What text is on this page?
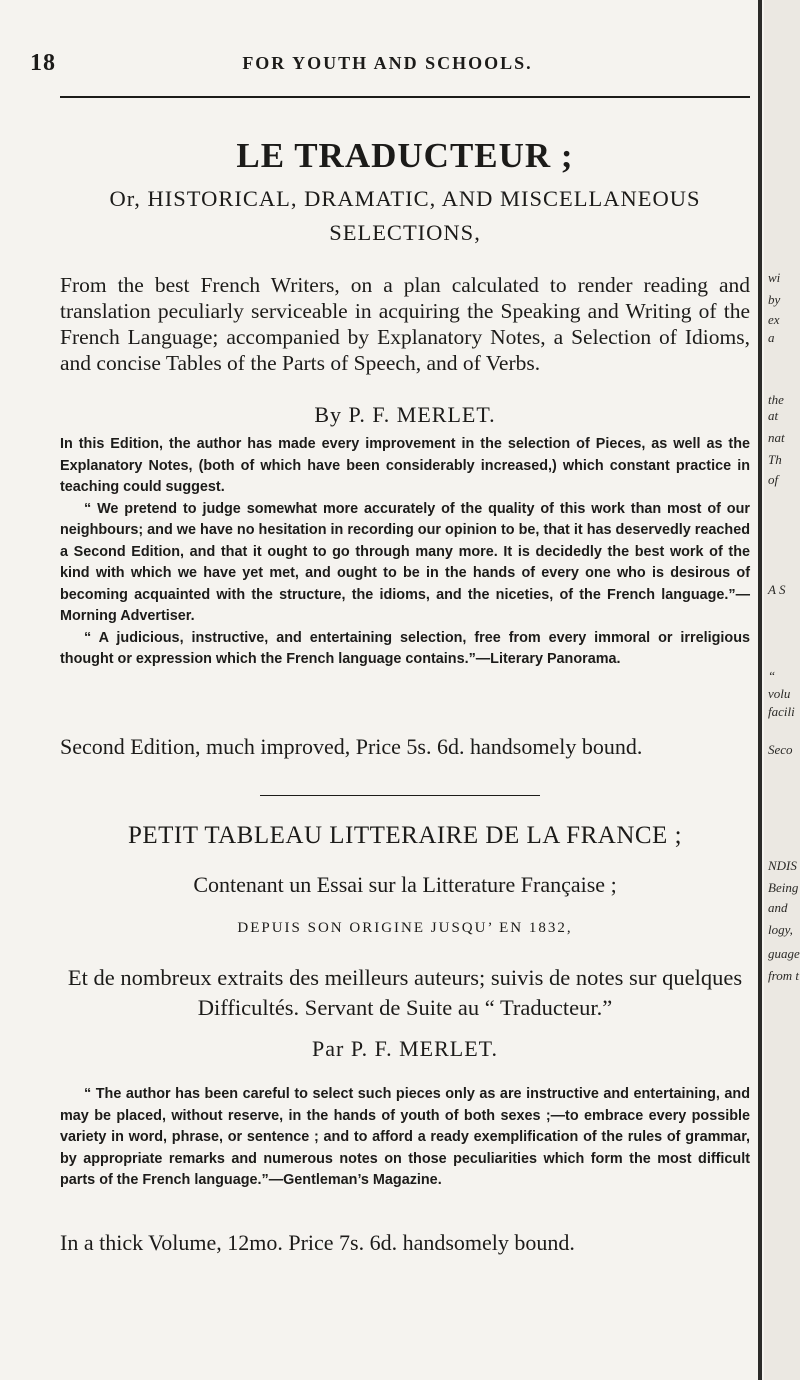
18	FOR YOUTH AND SCHOOLS.
LE TRADUCTEUR ;
Or, HISTORICAL, DRAMATIC, AND MISCELLANEOUS
SELECTIONS,
From the best French Writers, on a plan calculated to render reading and translation peculiarly serviceable in acquiring the Speaking and Writing of the French Language; accompanied by Explanatory Notes, a Selection of Idioms, and concise Tables of the Parts of Speech, and of Verbs.
By P. F. MERLET.

In this Edition, the author has made every improvement in the selection of Pieces, as well as the Explanatory Notes, (both of which have been considerably increased,) which constant practice in teaching could suggest.

“ We pretend to judge somewhat more accurately of the quality of this work than most of our neighbours; and we have no hesitation in recording our opinion to be, that it has deservedly reached a Second Edition, and that it ought to go through many more. It is decidedly the best work of the kind with which we have yet met, and ought to be in the hands of every one who is desirous of becoming acquainted with the structure, the idioms, and the niceties, of the French language.”—Morning Advertiser.

“ A judicious, instructive, and entertaining selection, free from every immoral or irreligious thought or expression which the French language contains.”—Literary Panorama.

Second Edition, much improved, Price 5s. 6d. handsomely bound.
PETIT TABLEAU LITTERAIRE DE LA FRANCE ;
Contenant un Essai sur la Litterature Française ;
DEPUIS SON ORIGINE JUSQU’ EN 1832,
Et de nombreux extraits des meilleurs auteurs; suivis de notes sur quelques Difficultés. Servant de Suite au “ Traducteur.”
Par P. F. MERLET.
“ The author has been careful to select such pieces only as are instructive and entertaining, and may be placed, without reserve, in the hands of youth of both sexes ;—to embrace every possible variety in word, phrase, or sentence ; and to afford a ready exemplification of the rules of grammar, by appropriate remarks and numerous notes on those peculiarities which form the most difficult parts of the French language.”—Gentleman’s Magazine.
In a thick Volume, 12mo. Price 7s. 6d. handsomely bound.
wi
by
ex
a
the
at
nat
Th
of
A S
“
volu
facili
Seco
NDIS
Being
and
logy,
guage
from t
